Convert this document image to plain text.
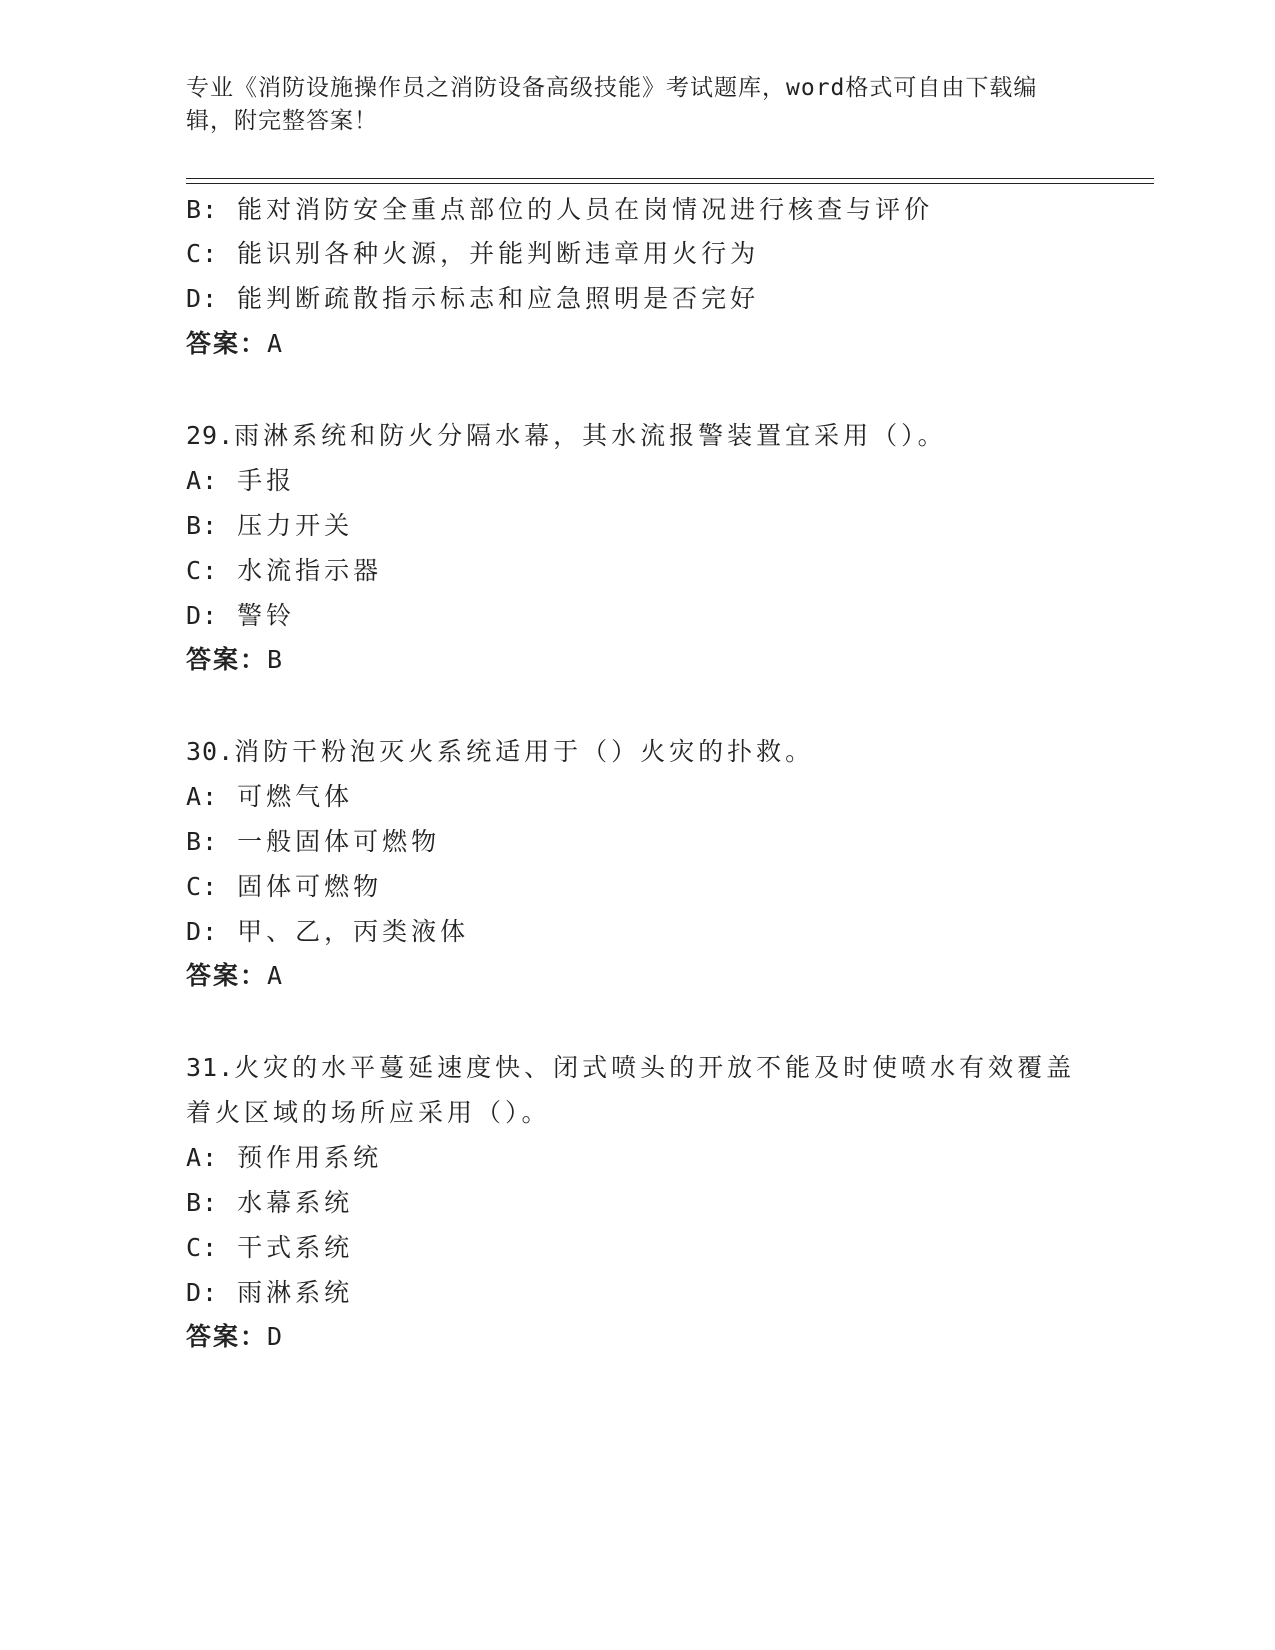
专业《消防设施操作员之消防设备高级技能》考试题库，word格式可自由下载编辑，附完整答案！
B: 能对消防安全重点部位的人员在岗情况进行核查与评价
C: 能识别各种火源，并能判断违章用火行为
D: 能判断疏散指示标志和应急照明是否完好
答案：A
29.雨淋系统和防火分隔水幕，其水流报警装置宜采用（）。
A: 手报
B: 压力开关
C: 水流指示器
D: 警铃
答案：B
30.消防干粉泡灭火系统适用于（）火灾的扑救。
A: 可燃气体
B: 一般固体可燃物
C: 固体可燃物
D: 甲、乙，丙类液体
答案：A
31.火灾的水平蔓延速度快、闭式喷头的开放不能及时使喷水有效覆盖
着火区域的场所应采用（）。
A: 预作用系统
B: 水幕系统
C: 干式系统
D: 雨淋系统
答案：D
